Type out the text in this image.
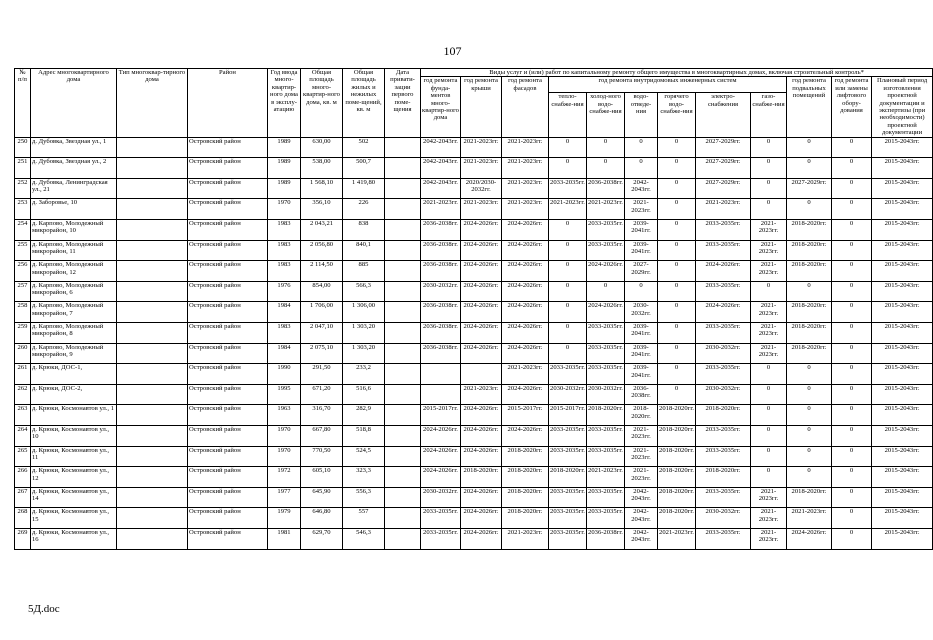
107
№ п/п	Адрес многоквартирного дома	Тип многоквар-тирного дома	Район	Год ввода много-квартир-ного дома в эксплу-атацию	Общая площадь много-квартир-ного дома, кв. м	Общая площадь жилых и нежилых поме-щений, кв. м	Дата привати-зации первого поме-щения	Виды услуг и (или) работ по капитальному ремонту общего имущества в многоквартирных домах, включая строительный контроль*											
								год ремонта фунда-ментов много-квартир-ного дома	год ремонта крыши	год ремонта фасадов	год ремонта внутридомовых инженерных систем						год ремонта подвальных помещений	год ремонта или замены лифтового обору-дования	Плановый период изготовления проектной документации и экспертизы (при необходимости) проектной документации
											тепло-снабже-ния	холод-ного водо-снабже-ния	водо-отведе-ния	горячего водо-снабже-ния	электро-снабжения	газо-снабже-ния			
250	д. Дубовка, Звездная ул., 1		Островский район	1989	630,00	502		2042-2043гг.	2021-2023гг.	2021-2023гг.	0	0	0	0	2027-2029гг.	0	0	0	2015-2043гг.
251	д. Дубовка, Звездная ул., 2		Островский район	1989	538,00	500,7		2042-2043гг.	2021-2023гг.	2021-2023гг.	0	0	0	0	2027-2029гг.	0	0	0	2015-2043гг.
252	д. Дубовка, Ленинградская ул., 21		Островский район	1989	1 568,10	1 419,80		2042-2043гг.	2020/2030-2032гг.	2021-2023гг.	2033-2035гг.	2036-2038гг.	2042-2043гг.	0	2027-2029гг.	0	2027-2029гг.	0	2015-2043гг.
253	д. Заборовье, 10		Островский район	1970	356,10	226		2021-2023гг.	2021-2023гг.	2021-2023гг.	2021-2023гг.	2021-2023гг.	2021-2023гг.	0	2021-2023гг.	0	0	0	2015-2043гг.
254	д. Карпово, Молодежный микрорайон, 10		Островский район	1983	2 043,21	838		2036-2038гг.	2024-2026гг.	2024-2026гг.	0	2033-2035гг.	2039-2041гг.	0	2033-2035гг.	2021-2023гг.	2018-2020гг.	0	2015-2043гг.
255	д. Карпово, Молодежный микрорайон, 11		Островский район	1983	2 056,80	840,1		2036-2038гг.	2024-2026гг.	2024-2026гг.	0	2033-2035гг.	2039-2041гг.	0	2033-2035гг.	2021-2023гг.	2018-2020гг.	0	2015-2043гг.
256	д. Карпово, Молодежный микрорайон, 12		Островский район	1983	2 114,50	885		2036-2038гг.	2024-2026гг.	2024-2026гг.	0	2024-2026гг.	2027-2029гг.	0	2024-2026гг.	2021-2023гг.	2018-2020гг.	0	2015-2043гг.
257	д. Карпово, Молодежный микрорайон, 6		Островский район	1976	854,00	566,3		2030-2032гг.	2024-2026гг.	2024-2026гг.	0	0	0	0	2033-2035гг.	0	0	0	2015-2043гг.
258	д. Карпово, Молодежный микрорайон, 7		Островский район	1984	1 706,00	1 306,00		2036-2038гг.	2024-2026гг.	2024-2026гг.	0	2024-2026гг.	2030-2032гг.	0	2024-2026гг.	2021-2023гг.	2018-2020гг.	0	2015-2043гг.
259	д. Карпово, Молодежный микрорайон, 8		Островский район	1983	2 047,10	1 303,20		2036-2038гг.	2024-2026гг.	2024-2026гг.	0	2033-2035гг.	2039-2041гг.	0	2033-2035гг.	2021-2023гг.	2018-2020гг.	0	2015-2043гг.
260	д. Карпово, Молодежный микрорайон, 9		Островский район	1984	2 075,10	1 303,20		2036-2038гг.	2024-2026гг.	2024-2026гг.	0	2033-2035гг.	2039-2041гг.	0	2030-2032гг.	2021-2023гг.	2018-2020гг.	0	2015-2043гг.
261	д. Крюки, ДОС-1,		Островский район	1990	291,50	233,2				2021-2023гг.	2033-2035гг.	2033-2035гг.	2039-2041гг.	0	2033-2035гг.	0	0	0	2015-2043гг.
262	д. Крюки, ДОС-2,		Островский район	1995	671,20	516,6			2021-2023гг.	2024-2026гг.	2030-2032гг.	2030-2032гг.	2036-2038гг.	0	2030-2032гг.	0	0	0	2015-2043гг.
263	д. Крюки, Космонавтов ул., 1		Островский район	1963	316,70	282,9		2015-2017гг.	2024-2026гг.	2015-2017гг.	2015-2017гг.	2018-2020гг.	2018-2020гг.	2018-2020гг.	2018-2020гг.	0	0	0	2015-2043гг.
264	д. Крюки, Космонавтов ул., 10		Островский район	1970	667,80	518,8		2024-2026гг.	2024-2026гг.	2024-2026гг.	2033-2035гг.	2033-2035гг.	2021-2023гг.	2018-2020гг.	2033-2035гг.	0	0	0	2015-2043гг.
265	д. Крюки, Космонавтов ул., 11		Островский район	1970	770,50	524,5		2024-2026гг.	2024-2026гг.	2018-2020гг.	2033-2035гг.	2033-2035гг.	2021-2023гг.	2018-2020гг.	2033-2035гг.	0	0	0	2015-2043гг.
266	д. Крюки, Космонавтов ул., 12		Островский район	1972	605,10	323,3		2024-2026гг.	2018-2020гг.	2018-2020гг.	2018-2020гг.	2021-2023гг.	2021-2023гг.	2018-2020гг.	2018-2020гг.	0	0	0	2015-2043гг.
267	д. Крюки, Космонавтов ул., 14		Островский район	1977	645,90	556,3		2030-2032гг.	2024-2026гг.	2018-2020гг.	2033-2035гг.	2033-2035гг.	2042-2043гг.	2018-2020гг.	2033-2035гг.	2021-2023гг.	2018-2020гг.	0	2015-2043гг.
268	д. Крюки, Космонавтов ул., 15		Островский район	1979	646,80	557		2033-2035гг.	2024-2026гг.	2018-2020гг.	2033-2035гг.	2033-2035гг.	2042-2043гг.	2018-2020гг.	2030-2032гг.	2021-2023гг.	2021-2023гг.	0	2015-2043гг.
269	д. Крюки, Космонавтов ул., 16		Островский район	1981	629,70	546,3		2033-2035гг.	2024-2026гг.	2021-2023гг.	2033-2035гг.	2036-2038гг.	2042-2043гг.	2021-2023гг.	2033-2035гг.	2021-2023гг.	2024-2026гг.	0	2015-2043гг.
5Д.doc
